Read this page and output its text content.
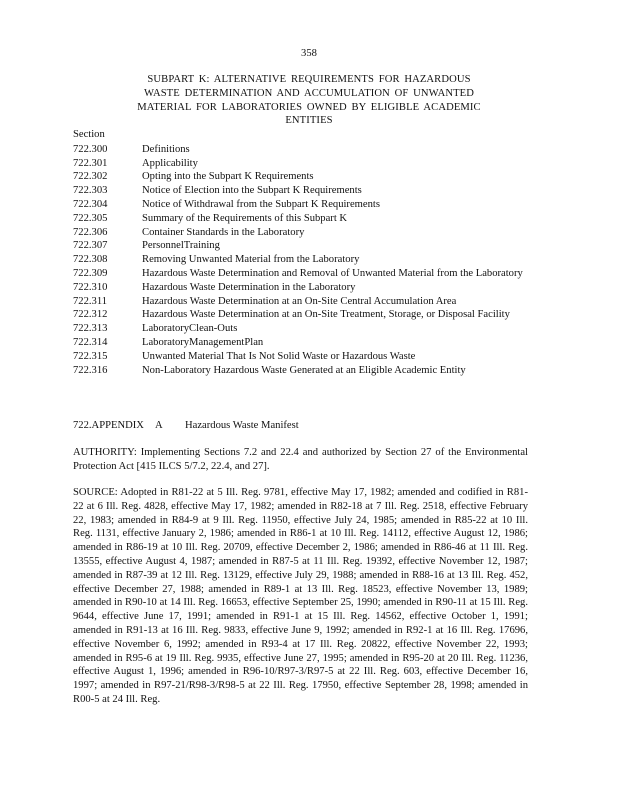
358
SUBPART K: ALTERNATIVE REQUIREMENTS FOR HAZARDOUS
WASTE DETERMINATION AND ACCUMULATION OF UNWANTED
MATERIAL FOR LABORATORIES OWNED BY ELIGIBLE ACADEMIC
ENTITIES
Section
722.300	Definitions
722.301	Applicability
722.302	Opting into the Subpart K Requirements
722.303	Notice of Election into the Subpart K Requirements
722.304	Notice of Withdrawal from the Subpart K Requirements
722.305	Summary of the Requirements of this Subpart K
722.306	Container Standards in the Laboratory
722.307	PersonnelTraining
722.308	Removing Unwanted Material from the Laboratory
722.309	Hazardous Waste Determination and Removal of Unwanted Material from the Laboratory
722.310	Hazardous Waste Determination in the Laboratory
722.311	Hazardous Waste Determination at an On-Site Central Accumulation Area
722.312	Hazardous Waste Determination at an On-Site Treatment, Storage, or Disposal Facility
722.313	LaboratoryClean-Outs
722.314	LaboratoryManagementPlan
722.315	Unwanted Material That Is Not Solid Waste or Hazardous Waste
722.316	Non-Laboratory Hazardous Waste Generated at an Eligible Academic Entity
722.APPENDIX A Hazardous Waste Manifest
AUTHORITY: Implementing Sections 7.2 and 22.4 and authorized by Section 27 of the Environmental Protection Act [415 ILCS 5/7.2, 22.4, and 27].
SOURCE: Adopted in R81-22 at 5 Ill. Reg. 9781, effective May 17, 1982; amended and codified in R81-22 at 6 Ill. Reg. 4828, effective May 17, 1982; amended in R82-18 at 7 Ill. Reg. 2518, effective February 22, 1983; amended in R84-9 at 9 Ill. Reg. 11950, effective July 24, 1985; amended in R85-22 at 10 Ill. Reg. 1131, effective January 2, 1986; amended in R86-1 at 10 Ill. Reg. 14112, effective August 12, 1986; amended in R86-19 at 10 Ill. Reg. 20709, effective December 2, 1986; amended in R86-46 at 11 Ill. Reg. 13555, effective August 4, 1987; amended in R87-5 at 11 Ill. Reg. 19392, effective November 12, 1987; amended in R87-39 at 12 Ill. Reg. 13129, effective July 29, 1988; amended in R88-16 at 13 Ill. Reg. 452, effective December 27, 1988; amended in R89-1 at 13 Ill. Reg. 18523, effective November 13, 1989; amended in R90-10 at 14 Ill. Reg. 16653, effective September 25, 1990; amended in R90-11 at 15 Ill. Reg. 9644, effective June 17, 1991; amended in R91-1 at 15 Ill. Reg. 14562, effective October 1, 1991; amended in R91-13 at 16 Ill. Reg. 9833, effective June 9, 1992; amended in R92-1 at 16 Ill. Reg. 17696, effective November 6, 1992; amended in R93-4 at 17 Ill. Reg. 20822, effective November 22, 1993; amended in R95-6 at 19 Ill. Reg. 9935, effective June 27, 1995; amended in R95-20 at 20 Ill. Reg. 11236, effective August 1, 1996; amended in R96-10/R97-3/R97-5 at 22 Ill. Reg. 603, effective December 16, 1997; amended in R97-21/R98-3/R98-5 at 22 Ill. Reg. 17950, effective September 28, 1998; amended in R00-5 at 24 Ill. Reg.
